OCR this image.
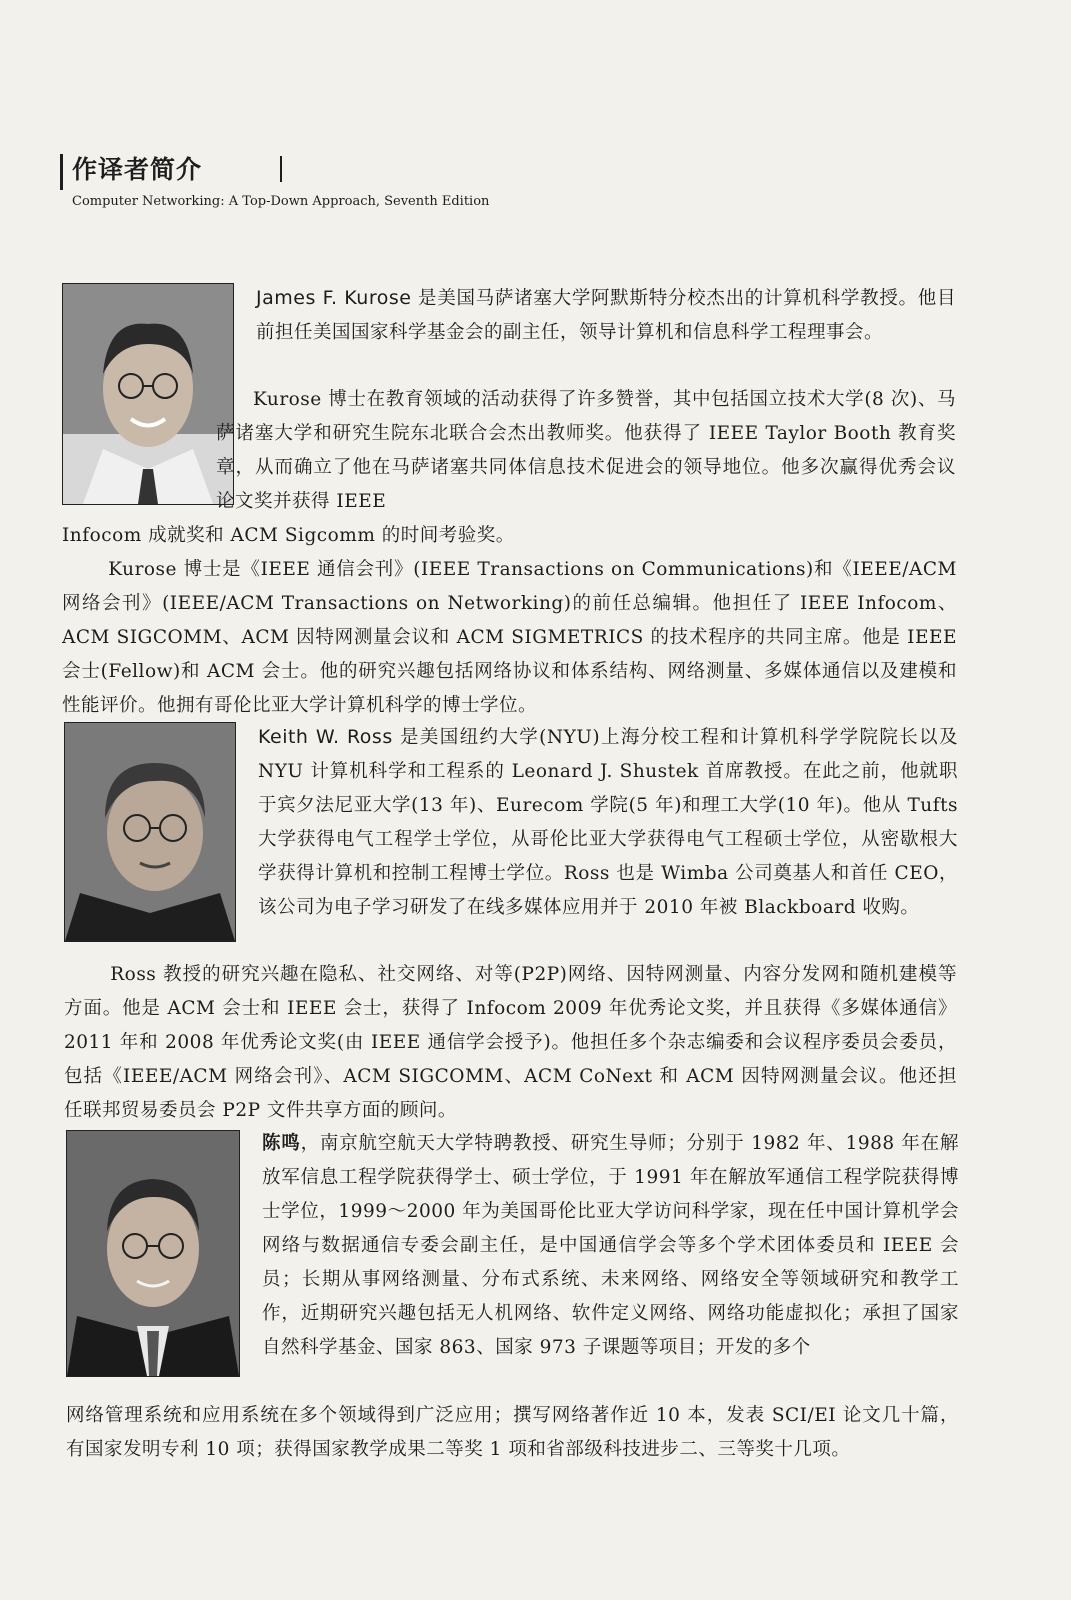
作译者简介
Computer Networking: A Top-Down Approach, Seventh Edition

James F. Kurose 是美国马萨诸塞大学阿默斯特分校杰出的计算机科学教授。他目前担任美国国家科学基金会的副主任，领导计算机和信息科学工程理事会。

Kurose 博士在教育领域的活动获得了许多赞誉，其中包括国立技术大学(8 次)、马萨诸塞大学和研究生院东北联合会杰出教师奖。他获得了 IEEE Taylor Booth 教育奖章，从而确立了他在马萨诸塞共同体信息技术促进会的领导地位。他多次赢得优秀会议论文奖并获得 IEEE

Infocom 成就奖和 ACM Sigcomm 的时间考验奖。

Kurose 博士是《IEEE 通信会刊》(IEEE Transactions on Communications)和《IEEE/ACM 网络会刊》(IEEE/ACM Transactions on Networking)的前任总编辑。他担任了 IEEE Infocom、ACM SIGCOMM、ACM 因特网测量会议和 ACM SIGMETRICS 的技术程序的共同主席。他是 IEEE 会士(Fellow)和 ACM 会士。他的研究兴趣包括网络协议和体系结构、网络测量、多媒体通信以及建模和性能评价。他拥有哥伦比亚大学计算机科学的博士学位。

Keith W. Ross 是美国纽约大学(NYU)上海分校工程和计算机科学学院院长以及 NYU 计算机科学和工程系的 Leonard J. Shustek 首席教授。在此之前，他就职于宾夕法尼亚大学(13 年)、Eurecom 学院(5 年)和理工大学(10 年)。他从 Tufts 大学获得电气工程学士学位，从哥伦比亚大学获得电气工程硕士学位，从密歇根大学获得计算机和控制工程博士学位。Ross 也是 Wimba 公司奠基人和首任 CEO，该公司为电子学习研发了在线多媒体应用并于 2010 年被 Blackboard 收购。

Ross 教授的研究兴趣在隐私、社交网络、对等(P2P)网络、因特网测量、内容分发网和随机建模等方面。他是 ACM 会士和 IEEE 会士，获得了 Infocom 2009 年优秀论文奖，并且获得《多媒体通信》2011 年和 2008 年优秀论文奖(由 IEEE 通信学会授予)。他担任多个杂志编委和会议程序委员会委员，包括《IEEE/ACM 网络会刊》、ACM SIGCOMM、ACM CoNext 和 ACM 因特网测量会议。他还担任联邦贸易委员会 P2P 文件共享方面的顾问。

陈鸣，南京航空航天大学特聘教授、研究生导师；分别于 1982 年、1988 年在解放军信息工程学院获得学士、硕士学位，于 1991 年在解放军通信工程学院获得博士学位，1999～2000 年为美国哥伦比亚大学访问科学家，现在任中国计算机学会网络与数据通信专委会副主任，是中国通信学会等多个学术团体委员和 IEEE 会员；长期从事网络测量、分布式系统、未来网络、网络安全等领域研究和教学工作，近期研究兴趣包括无人机网络、软件定义网络、网络功能虚拟化；承担了国家自然科学基金、国家 863、国家 973 子课题等项目；开发的多个

网络管理系统和应用系统在多个领域得到广泛应用；撰写网络著作近 10 本，发表 SCI/EI 论文几十篇，有国家发明专利 10 项；获得国家教学成果二等奖 1 项和省部级科技进步二、三等奖十几项。
